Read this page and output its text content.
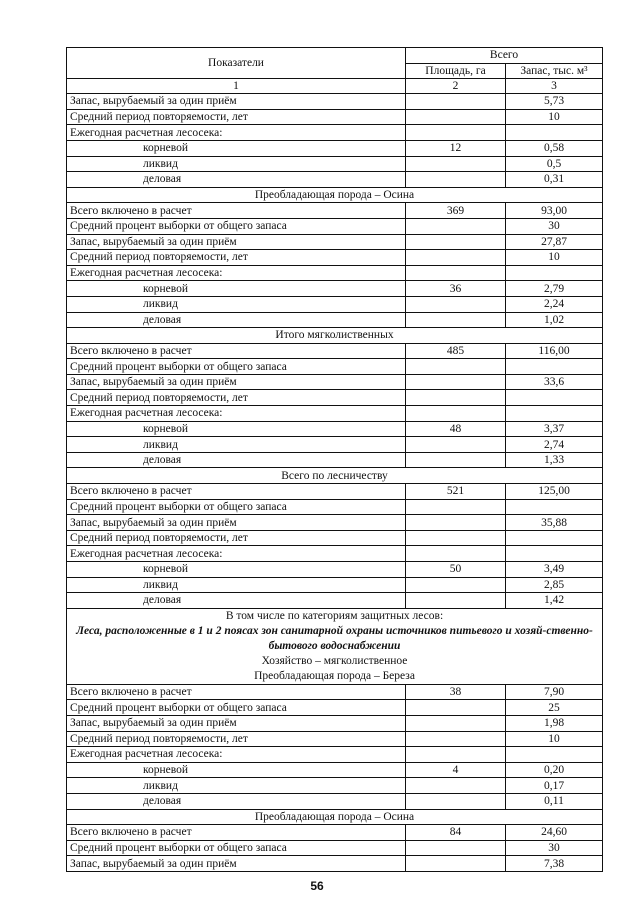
Показатели	Всего	
	Площадь, га	Запас, тыс. м³
1	2	3
Запас, вырубаемый за один приём		5,73
Средний период повторяемости, лет		10
Ежегодная расчетная лесосека:		
корневой	12	0,58
ликвид		0,5
деловая		0,31
Преобладающая порода – Осина		
Всего включено в расчет	369	93,00
Средний процент выборки от общего запаса		30
Запас, вырубаемый за один приём		27,87
Средний период повторяемости, лет		10
Ежегодная расчетная лесосека:		
корневой	36	2,79
ликвид		2,24
деловая		1,02
Итого мягколиственных		
Всего включено в расчет	485	116,00
Средний процент выборки от общего запаса		
Запас, вырубаемый за один приём		33,6
Средний период повторяемости, лет		
Ежегодная расчетная лесосека:		
корневой	48	3,37
ликвид		2,74
деловая		1,33
Всего по лесничеству		
Всего включено в расчет	521	125,00
Средний процент выборки от общего запаса		
Запас, вырубаемый за один приём		35,88
Средний период повторяемости, лет		
Ежегодная расчетная лесосека:		
корневой	50	3,49
ликвид		2,85
деловая		1,42

В том числе по категориям защитных лесов:
Леса, расположенные в 1 и 2 поясах зон санитарной охраны источников питьевого и хозяй-ственно-бытового водоснабжении
Хозяйство – мягколиственное
Преобладающая порода – Береза		

Всего включено в расчет	38	7,90
Средний процент выборки от общего запаса		25
Запас, вырубаемый за один приём		1,98
Средний период повторяемости, лет		10
Ежегодная расчетная лесосека:		
корневой	4	0,20
ликвид		0,17
деловая		0,11
Преобладающая порода – Осина		
Всего включено в расчет	84	24,60
Средний процент выборки от общего запаса		30
Запас, вырубаемый за один приём		7,38
56
